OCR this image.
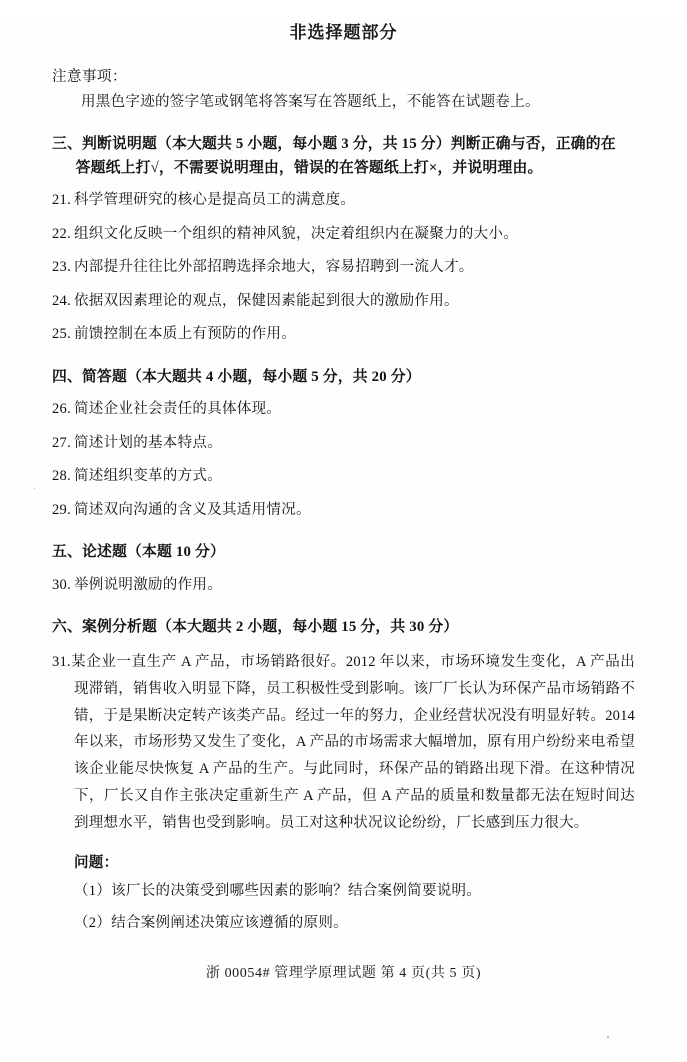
非选择题部分
注意事项：
用黑色字迹的签字笔或钢笔将答案写在答题纸上，不能答在试题卷上。
三、判断说明题（本大题共 5 小题，每小题 3 分，共 15 分）判断正确与否，正确的在
答题纸上打√，不需要说明理由，错误的在答题纸上打×，并说明理由。
21. 科学管理研究的核心是提高员工的满意度。
22. 组织文化反映一个组织的精神风貌，决定着组织内在凝聚力的大小。
23. 内部提升往往比外部招聘选择余地大，容易招聘到一流人才。
24. 依据双因素理论的观点，保健因素能起到很大的激励作用。
25. 前馈控制在本质上有预防的作用。
四、简答题（本大题共 4 小题，每小题 5 分，共 20 分）
26. 简述企业社会责任的具体体现。
27. 简述计划的基本特点。
28. 简述组织变革的方式。
29. 简述双向沟通的含义及其适用情况。
五、论述题（本题 10 分）
30. 举例说明激励的作用。
六、案例分析题（本大题共 2 小题，每小题 15 分，共 30 分）
31.某企业一直生产 A 产品，市场销路很好。2012 年以来，市场环境发生变化，A 产品出现滞销，销售收入明显下降，员工积极性受到影响。该厂厂长认为环保产品市场销路不错，于是果断决定转产该类产品。经过一年的努力，企业经营状况没有明显好转。2014 年以来，市场形势又发生了变化，A 产品的市场需求大幅增加，原有用户纷纷来电希望该企业能尽快恢复 A 产品的生产。与此同时，环保产品的销路出现下滑。在这种情况下，厂长又自作主张决定重新生产 A 产品，但 A 产品的质量和数量都无法在短时间达到理想水平，销售也受到影响。员工对这种状况议论纷纷，厂长感到压力很大。
问题：
（1）该厂长的决策受到哪些因素的影响？结合案例简要说明。
（2）结合案例阐述决策应该遵循的原则。
浙 00054# 管理学原理试题 第 4 页(共 5 页)
